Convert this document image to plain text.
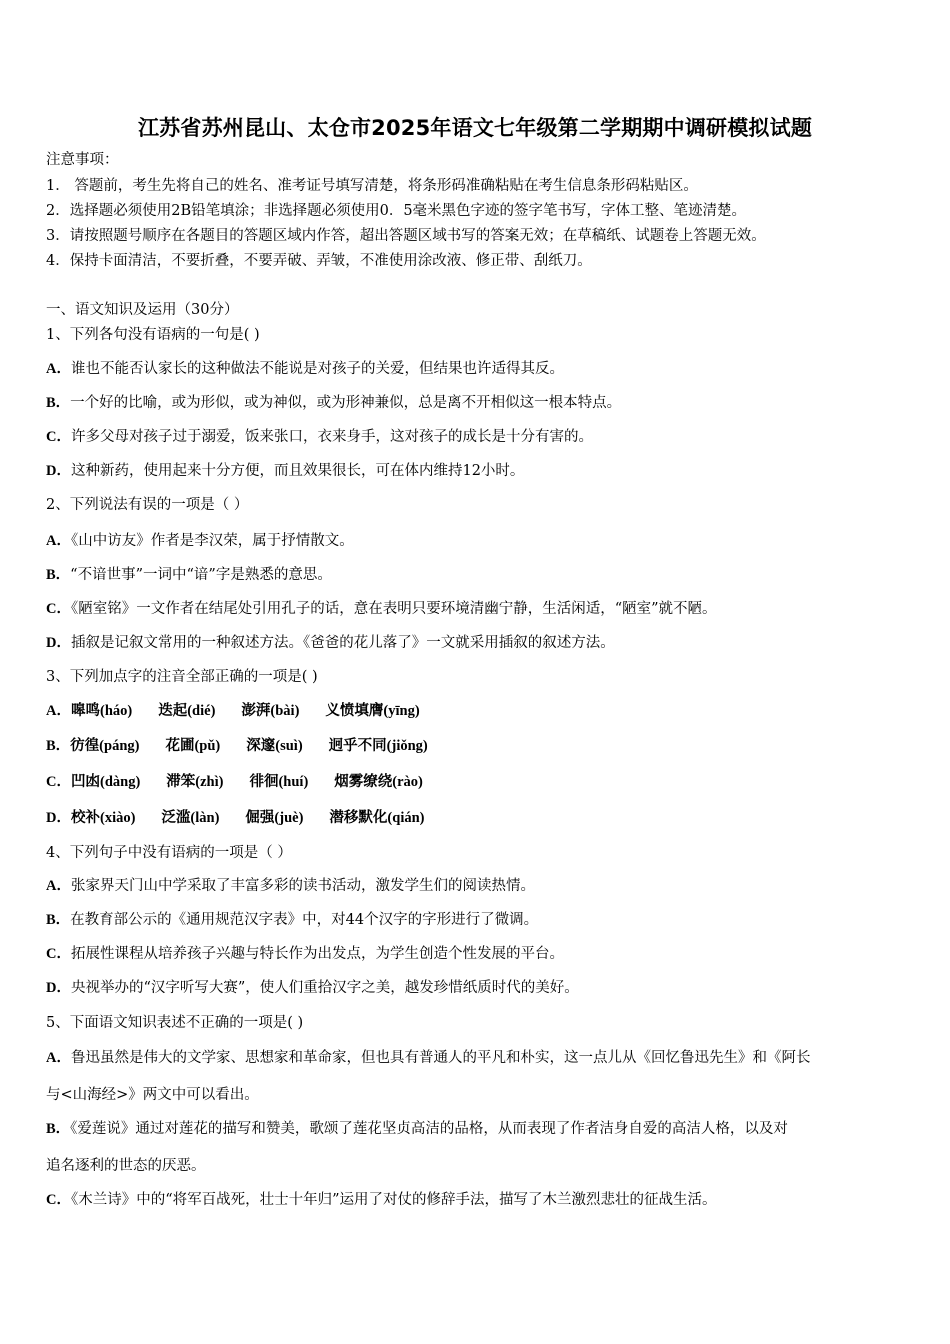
江苏省苏州昆山、太仓市2025年语文七年级第二学期期中调研模拟试题
注意事项：
1． 答题前，考生先将自己的姓名、准考证号填写清楚，将条形码准确粘贴在考生信息条形码粘贴区。
2．选择题必须使用2B铅笔填涂；非选择题必须使用0．5毫米黑色字迹的签字笔书写，字体工整、笔迹清楚。
3．请按照题号顺序在各题目的答题区域内作答，超出答题区域书写的答案无效；在草稿纸、试题卷上答题无效。
4．保持卡面清洁，不要折叠，不要弄破、弄皱，不准使用涂改液、修正带、刮纸刀。
一、语文知识及运用（30分）
1、下列各句没有语病的一句是( )
A．谁也不能否认家长的这种做法不能说是对孩子的关爱，但结果也许适得其反。
B．一个好的比喻，或为形似，或为神似，或为形神兼似，总是离不开相似这一根本特点。
C．许多父母对孩子过于溺爱，饭来张口，衣来身手，这对孩子的成长是十分有害的。
D．这种新药，使用起来十分方便，而且效果很长，可在体内维持12小时。
2、下列说法有误的一项是（ ）
A．《山中访友》作者是李汉荣，属于抒情散文。
B．“不谙世事”一词中“谙”字是熟悉的意思。
C．《陋室铭》一文作者在结尾处引用孔子的话，意在表明只要环境清幽宁静，生活闲适，“陋室”就不陋。
D．插叙是记叙文常用的一种叙述方法。《爸爸的花儿落了》一文就采用插叙的叙述方法。
3、下列加点字的注音全部正确的一项是( )
A．嗥鸣(háo) 迭起(dié) 澎湃(bài) 义愤填膺(yīng)
B．彷徨(páng) 花圃(pǔ) 深邃(suì) 迥乎不同(jiǒng)
C．凹凼(dàng) 滞笨(zhì) 徘徊(huí) 烟雾缭绕(rào)
D．校补(xiào) 泛滥(làn) 倔强(juè) 潜移默化(qián)
4、下列句子中没有语病的一项是（ ）
A．张家界天门山中学采取了丰富多彩的读书活动，激发学生们的阅读热情。
B．在教育部公示的《通用规范汉字表》中，对44个汉字的字形进行了微调。
C．拓展性课程从培养孩子兴趣与特长作为出发点，为学生创造个性发展的平台。
D．央视举办的“汉字听写大赛”，使人们重拾汉字之美，越发珍惜纸质时代的美好。
5、下面语文知识表述不正确的一项是( )
A．鲁迅虽然是伟大的文学家、思想家和革命家，但也具有普通人的平凡和朴实，这一点儿从《回忆鲁迅先生》和《阿长
与<山海经>》两文中可以看出。
B．《爱莲说》通过对莲花的描写和赞美，歌颂了莲花坚贞高洁的品格，从而表现了作者洁身自爱的高洁人格，以及对
追名逐利的世态的厌恶。
C．《木兰诗》中的“将军百战死，壮士十年归”运用了对仗的修辞手法，描写了木兰激烈悲壮的征战生活。
